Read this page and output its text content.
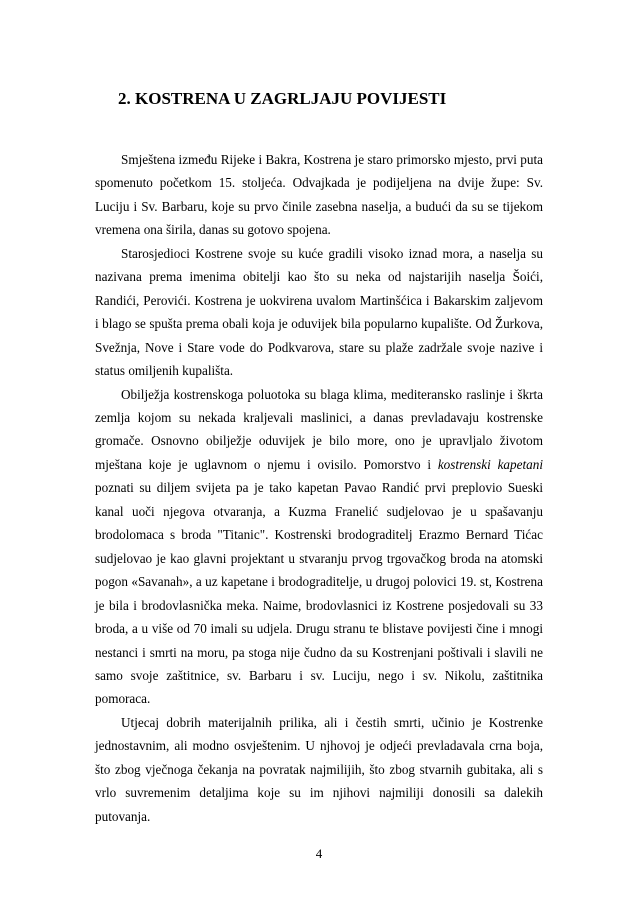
2. KOSTRENA U ZAGRLJAJU POVIJESTI

Smještena između Rijeke i Bakra, Kostrena je staro primorsko mjesto, prvi puta spomenuto početkom 15. stoljeća. Odvajkada je podijeljena na dvije župe: Sv. Luciju i Sv. Barbaru, koje su prvo činile zasebna naselja, a budući da su se tijekom vremena ona širila, danas su gotovo spojena.

Starosjedioci Kostrene svoje su kuće gradili visoko iznad mora, a naselja su nazivana prema imenima obitelji kao što su neka od najstarijih naselja Šoići, Randići, Perovići. Kostrena je uokvirena uvalom Martinšćica i Bakarskim zaljevom i blago se spušta prema obali koja je oduvijek bila popularno kupalište. Od Žurkova, Svežnja, Nove i Stare vode do Podkvarova, stare su plaže zadržale svoje nazive i status omiljenih kupališta.

Obilježja kostrenskoga poluotoka su blaga klima, mediteransko raslinje i škrta zemlja kojom su nekada kraljevali maslinici, a danas prevladavaju kostrenske gromače. Osnovno obilježje oduvijek je bilo more, ono je upravljalo životom mještana koje je uglavnom o njemu i ovisilo. Pomorstvo i kostrenski kapetani poznati su diljem svijeta pa je tako kapetan Pavao Randić prvi preplovio Sueski kanal uoči njegova otvaranja, a Kuzma Franelić sudjelovao je u spašavanju brodolomaca s broda "Titanic". Kostrenski brodograditelj Erazmo Bernard Tićac sudjelovao je kao glavni projektant u stvaranju prvog trgovačkog broda na atomski pogon «Savanah», a uz kapetane i brodograditelje, u drugoj polovici 19. st, Kostrena je bila i brodovlasnička meka. Naime, brodovlasnici iz Kostrene posjedovali su 33 broda, a u više od 70 imali su udjela. Drugu stranu te blistave povijesti čine i mnogi nestanci i smrti na moru, pa stoga nije čudno da su Kostrenjani poštivali i slavili ne samo svoje zaštitnice, sv. Barbaru i sv. Luciju, nego i sv. Nikolu, zaštitnika pomoraca.

Utjecaj dobrih materijalnih prilika, ali i čestih smrti, učinio je Kostrenke jednostavnim, ali modno osvještenim. U njhovoj je odjeći prevladavala crna boja, što zbog vječnoga čekanja na povratak najmilijih, što zbog stvarnih gubitaka, ali s vrlo suvremenim detaljima koje su im njihovi najmiliji donosili sa dalekih putovanja.

4
